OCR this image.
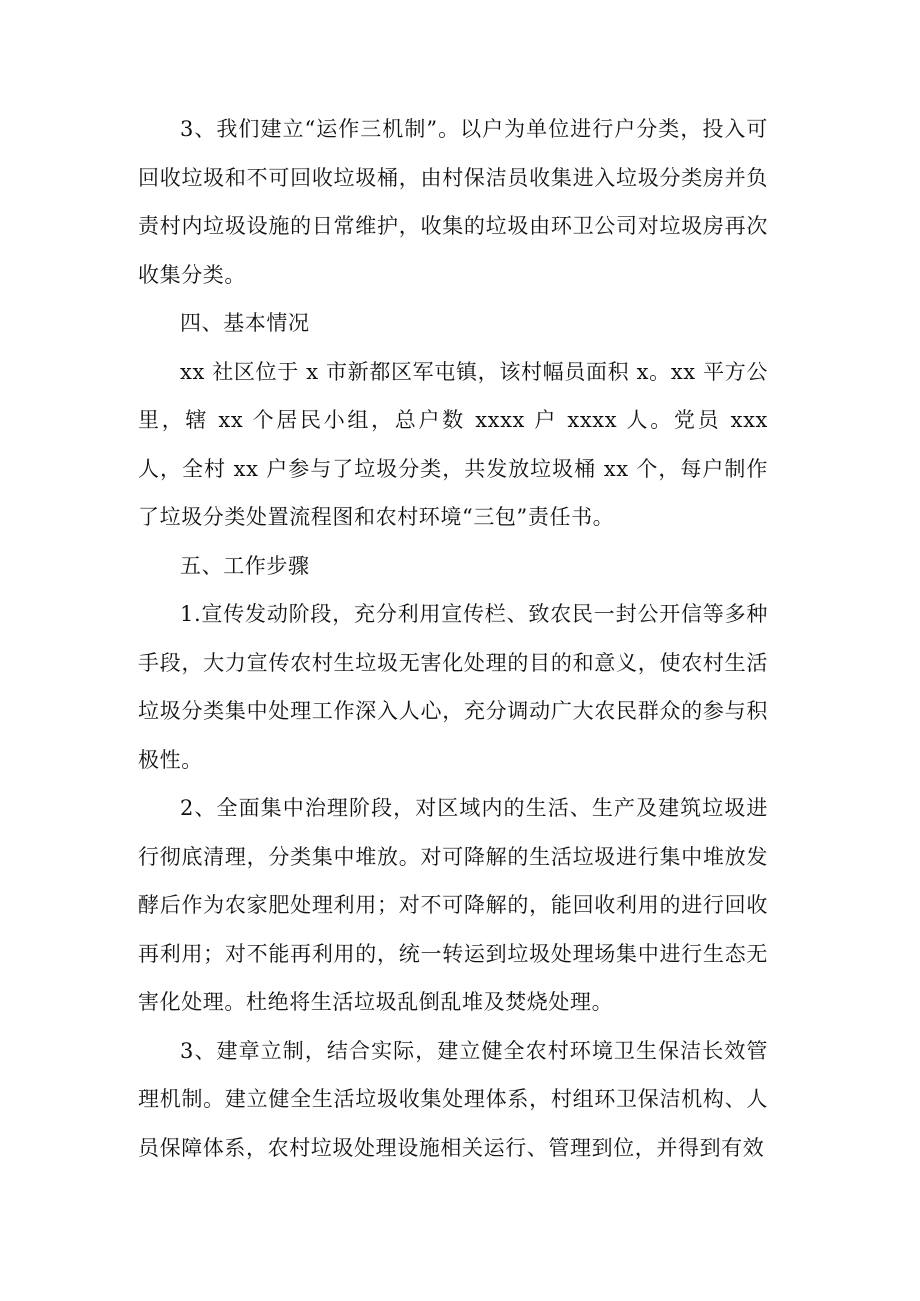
3、我们建立“运作三机制”。以户为单位进行户分类，投入可回收垃圾和不可回收垃圾桶，由村保洁员收集进入垃圾分类房并负责村内垃圾设施的日常维护，收集的垃圾由环卫公司对垃圾房再次收集分类。

四、基本情况

xx 社区位于 x 市新都区军屯镇，该村幅员面积 x。xx 平方公里，辖 xx 个居民小组，总户数 xxxx 户 xxxx 人。党员 xxx 人，全村 xx 户参与了垃圾分类，共发放垃圾桶 xx 个，每户制作了垃圾分类处置流程图和农村环境“三包”责任书。

五、工作步骤

1.宣传发动阶段，充分利用宣传栏、致农民一封公开信等多种手段，大力宣传农村生垃圾无害化处理的目的和意义，使农村生活垃圾分类集中处理工作深入人心，充分调动广大农民群众的参与积极性。

2、全面集中治理阶段，对区域内的生活、生产及建筑垃圾进行彻底清理，分类集中堆放。对可降解的生活垃圾进行集中堆放发酵后作为农家肥处理利用；对不可降解的，能回收利用的进行回收再利用；对不能再利用的，统一转运到垃圾处理场集中进行生态无害化处理。杜绝将生活垃圾乱倒乱堆及焚烧处理。

3、建章立制，结合实际，建立健全农村环境卫生保洁长效管理机制。建立健全生活垃圾收集处理体系，村组环卫保洁机构、人员保障体系，农村垃圾处理设施相关运行、管理到位，并得到有效
